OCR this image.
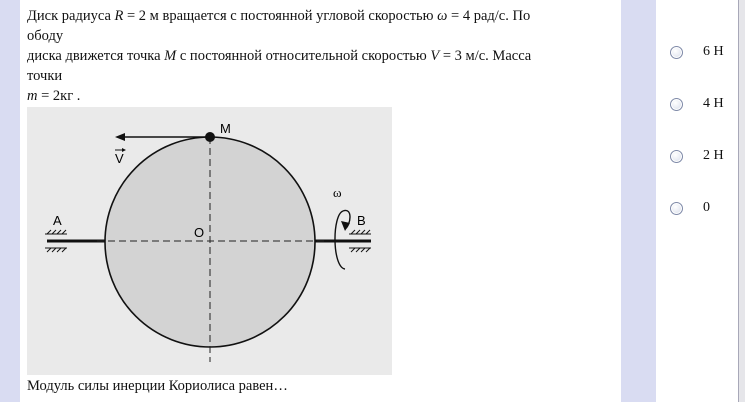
Диск радиуса R = 2 м вращается с постоянной угловой скоростью ω = 4 рад/с. По
ободу
диска движется точка M с постоянной относительной скоростью V = 3 м/с. Масса
точки
m = 2кг .
M
V
O
A	B
ω
Модуль силы инерции Кориолиса равен…
6 Н
4 Н
2 Н
0
